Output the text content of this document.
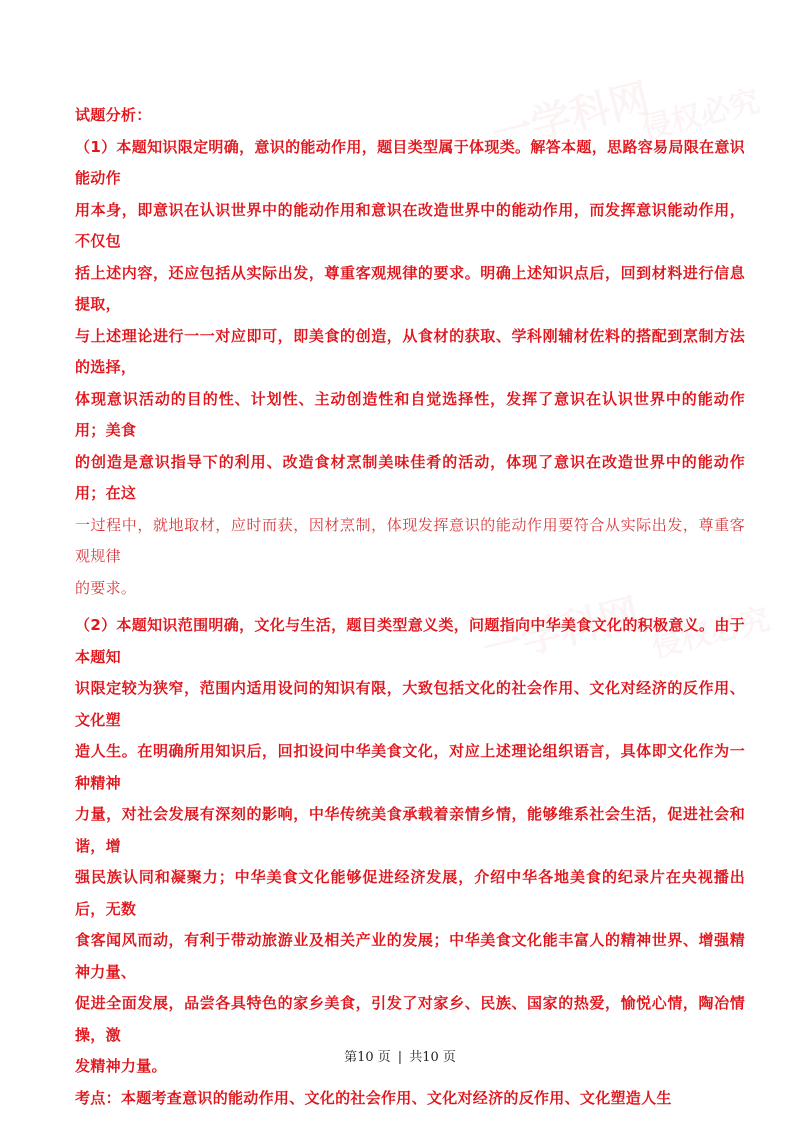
一学科网
侵权必究
一学科网 侵权必究

试题分析：

（1）本题知识限定明确，意识的能动作用，题目类型属于体现类。解答本题，思路容易局限在意识能动作

用本身，即意识在认识世界中的能动作用和意识在改造世界中的能动作用，而发挥意识能动作用，不仅包

括上述内容，还应包括从实际出发，尊重客观规律的要求。明确上述知识点后，回到材料进行信息提取，

与上述理论进行一一对应即可，即美食的创造，从食材的获取、学科刚辅材佐料的搭配到烹制方法的选择，

体现意识活动的目的性、计划性、主动创造性和自觉选择性，发挥了意识在认识世界中的能动作用；美食

的创造是意识指导下的利用、改造食材烹制美味佳肴的活动，体现了意识在改造世界中的能动作用；在这

一过程中，就地取材，应时而获，因材烹制，体现发挥意识的能动作用要符合从实际出发，尊重客观规律

的要求。

（2）本题知识范围明确，文化与生活，题目类型意义类，问题指向中华美食文化的积极意义。由于本题知

识限定较为狭窄，范围内适用设问的知识有限，大致包括文化的社会作用、文化对经济的反作用、文化塑

造人生。在明确所用知识后，回扣设问中华美食文化，对应上述理论组织语言，具体即文化作为一种精神

力量，对社会发展有深刻的影响，中华传统美食承载着亲情乡情，能够维系社会生活，促进社会和谐，增

强民族认同和凝聚力；中华美食文化能够促进经济发展，介绍中华各地美食的纪录片在央视播出后，无数

食客闻风而动，有利于带动旅游业及相关产业的发展；中华美食文化能丰富人的精神世界、增强精神力量、

促进全面发展，品尝各具特色的家乡美食，引发了对家乡、民族、国家的热爱，愉悦心情，陶冶情操，激

发精神力量。

考点：本题考查意识的能动作用、文化的社会作用、文化对经济的反作用、文化塑造人生

第10 页 | 共10 页
